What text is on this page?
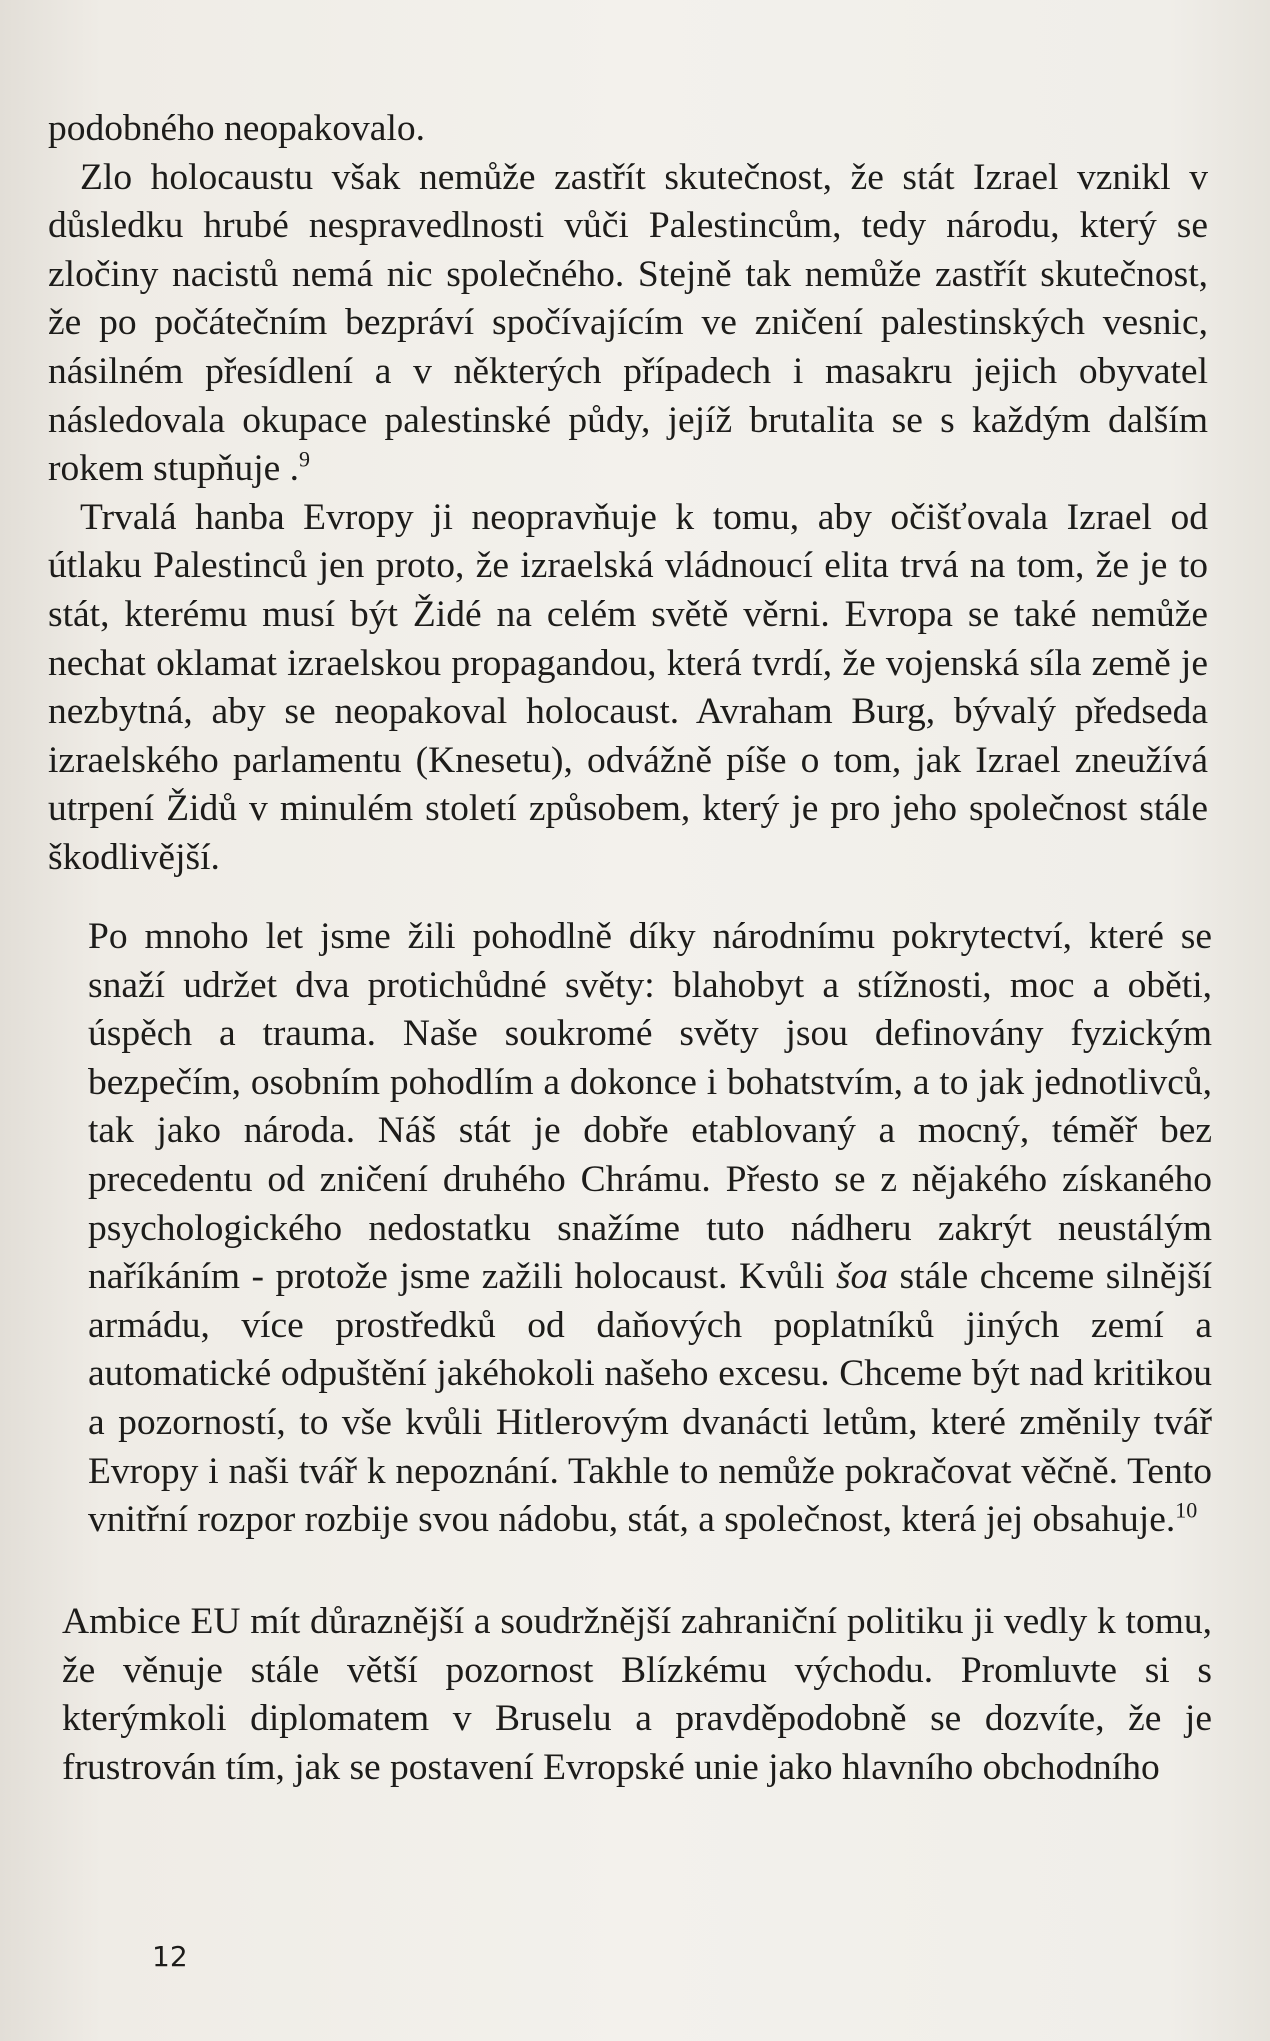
podobného neopakovalo.

Zlo holocaustu však nemůže zastřít skutečnost, že stát Izrael vznikl v důsledku hrubé nespravedlnosti vůči Palestincům, tedy národu, který se zločiny nacistů nemá nic společného. Stejně tak nemůže zastřít skutečnost, že po počátečním bezpráví spočívajícím ve zničení palestinských vesnic, násilném přesídlení a v některých případech i masakru jejich obyvatel následovala okupace palestinské půdy, jejíž brutalita se s každým dalším rokem stupňuje .$^9$

Trvalá hanba Evropy ji neopravňuje k tomu, aby očišťovala Izrael od útlaku Palestinců jen proto, že izraelská vládnoucí elita trvá na tom, že je to stát, kterému musí být Židé na celém světě věrni. Evropa se také nemůže nechat oklamat izraelskou propagandou, která tvrdí, že vojenská síla země je nezbytná, aby se neopakoval holocaust. Avraham Burg, bývalý předseda izraelského parlamentu (Knesetu), odvážně píše o tom, jak Izrael zneužívá utrpení Židů v minulém století způsobem, který je pro jeho společnost stále škodlivější.

Po mnoho let jsme žili pohodlně díky národnímu pokrytectví, které se snaží udržet dva protichůdné světy: blahobyt a stížnosti, moc a oběti, úspěch a trauma. Naše soukromé světy jsou definovány fyzickým bezpečím, osobním pohodlím a dokonce i bohatstvím, a to jak jednotlivců, tak jako národa. Náš stát je dobře etablovaný a mocný, téměř bez precedentu od zničení druhého Chrámu. Přesto se z nějakého získaného psychologického nedostatku snažíme tuto nádheru zakrýt neustálým naříkáním - protože jsme zažili holocaust. Kvůli šoa stále chceme silnější armádu, více prostředků od daňových poplatníků jiných zemí a automatické odpuštění jakéhokoli našeho excesu. Chceme být nad kritikou a pozorností, to vše kvůli Hitlerovým dvanácti letům, které změnily tvář Evropy i naši tvář k nepoznání. Takhle to nemůže pokračovat věčně. Tento vnitřní rozpor rozbije svou nádobu, stát, a společnost, která jej obsahuje.$^{10}$

Ambice EU mít důraznější a soudržnější zahraniční politiku ji vedly k tomu, že věnuje stále větší pozornost Blízkému východu. Promluvte si s kterýmkoli diplomatem v Bruselu a pravděpodobně se dozvíte, že je frustrován tím, jak se postavení Evropské unie jako hlavního obchodního

12
